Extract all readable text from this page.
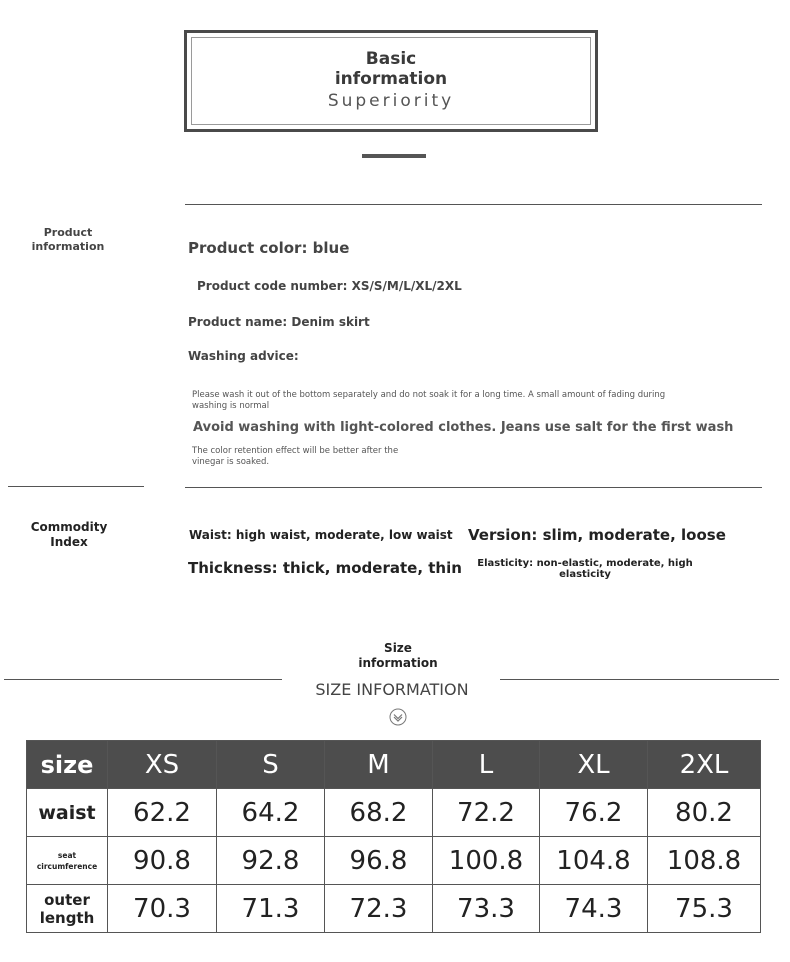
Basic
information
Superiority
Product
information	Product color: blue
Product code number: XS/S/M/L/XL/2XL
Product name: Denim skirt
Washing advice:
Please wash it out of the bottom separately and do not soak it for a long time. A small amount of fading during
washing is normal
Avoid washing with light-colored clothes. Jeans use salt for the first wash
The color retention effect will be better after the
vinegar is soaked.
Commodity
Index	Waist: high waist, moderate, low waist Version: slim, moderate, loose
Thickness: thick, moderate, thin	Elasticity: non-elastic, moderate, high
elasticity
Size
information
SIZE INFORMATION
size	XS	S	M	L	XL	2XL
waist	62.2	64.2	68.2	72.2	76.2	80.2

seat
circumference	90.8	92.8	96.8	100.8	104.8	108.8

outer
length	70.3	71.3	72.3	73.3	74.3	75.3
